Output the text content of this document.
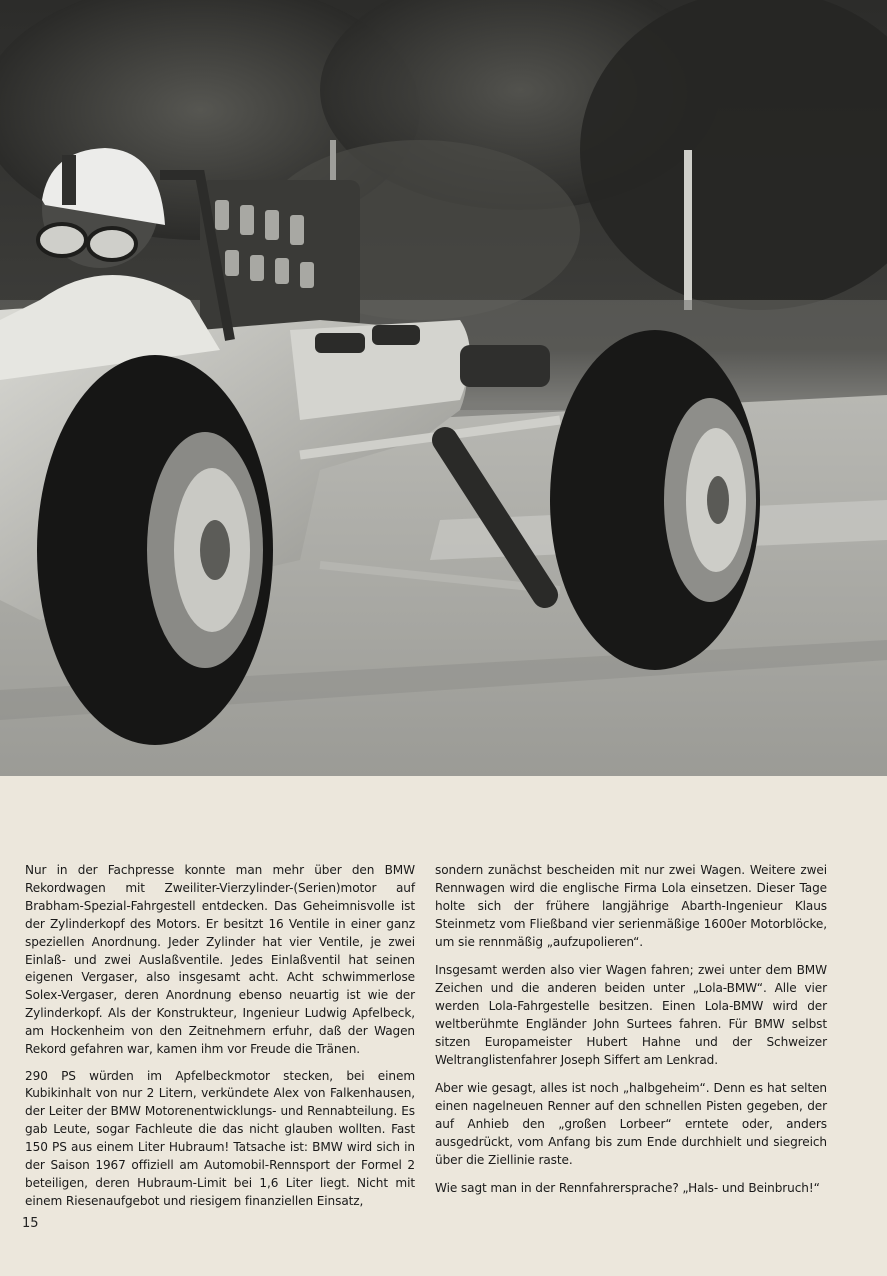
Nur in der Fachpresse konnte man mehr über den BMW Rekordwagen mit Zweiliter-Vierzylinder-(Serien)motor auf Brabham-Spezial-Fahrgestell entdecken. Das Geheimnisvolle ist der Zylinderkopf des Motors. Er besitzt 16 Ventile in einer ganz speziellen Anordnung. Jeder Zylinder hat vier Ventile, je zwei Einlaß- und zwei Auslaßventile. Jedes Einlaßventil hat seinen eigenen Vergaser, also insgesamt acht. Acht schwimmerlose Solex-Vergaser, deren Anordnung ebenso neuartig ist wie der Zylinderkopf. Als der Konstrukteur, Ingenieur Ludwig Apfelbeck, am Hockenheim von den Zeitnehmern erfuhr, daß der Wagen Rekord gefahren war, kamen ihm vor Freude die Tränen.

290 PS würden im Apfelbeckmotor stecken, bei einem Kubikinhalt von nur 2 Litern, verkündete Alex von Falkenhausen, der Leiter der BMW Motorenentwicklungs- und Rennabteilung. Es gab Leute, sogar Fachleute die das nicht glauben wollten. Fast 150 PS aus einem Liter Hubraum! Tatsache ist: BMW wird sich in der Saison 1967 offiziell am Automobil-Rennsport der Formel 2 beteiligen, deren Hubraum-Limit bei 1,6 Liter liegt. Nicht mit einem Riesenaufgebot und riesigem finanziellen Einsatz,

sondern zunächst bescheiden mit nur zwei Wagen. Weitere zwei Rennwagen wird die englische Firma Lola einsetzen. Dieser Tage holte sich der frühere langjährige Abarth-Ingenieur Klaus Steinmetz vom Fließband vier serienmäßige 1600er Motorblöcke, um sie rennmäßig „aufzupolieren“.

Insgesamt werden also vier Wagen fahren; zwei unter dem BMW Zeichen und die anderen beiden unter „Lola-BMW“. Alle vier werden Lola-Fahrgestelle besitzen. Einen Lola-BMW wird der weltberühmte Engländer John Surtees fahren. Für BMW selbst sitzen Europameister Hubert Hahne und der Schweizer Weltranglistenfahrer Joseph Siffert am Lenkrad.

Aber wie gesagt, alles ist noch „halbgeheim“. Denn es hat selten einen nagelneuen Renner auf den schnellen Pisten gegeben, der auf Anhieb den „großen Lorbeer“ erntete oder, anders ausgedrückt, vom Anfang bis zum Ende durchhielt und siegreich über die Ziellinie raste.

Wie sagt man in der Rennfahrersprache? „Hals- und Beinbruch!“

15
